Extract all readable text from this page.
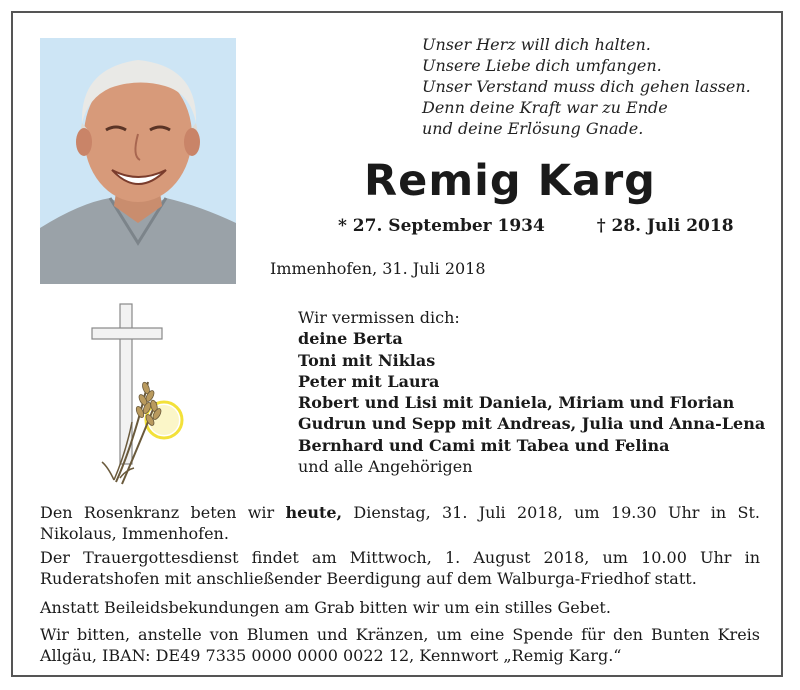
Unser Herz will dich halten.
Unsere Liebe dich umfangen.
Unser Verstand muss dich gehen lassen.
Denn deine Kraft war zu Ende
und deine Erlösung Gnade.
Remig Karg
* 27. September 1934	† 28. Juli 2018
Immenhofen, 31. Juli 2018
Wir vermissen dich:
deine Berta
Toni mit Niklas
Peter mit Laura
Robert und Lisi mit Daniela, Miriam und Florian
Gudrun und Sepp mit Andreas, Julia und Anna-Lena
Bernhard und Cami mit Tabea und Felina
und alle Angehörigen
Den Rosenkranz beten wir heute, Dienstag, 31. Juli 2018, um 19.30 Uhr in St. Nikolaus, Immenhofen.
Der Trauergottesdienst findet am Mittwoch, 1. August 2018, um 10.00 Uhr in Ruderatshofen mit anschließender Beerdigung auf dem Walburga-Friedhof statt.
Anstatt Beileidsbekundungen am Grab bitten wir um ein stilles Gebet.
Wir bitten, anstelle von Blumen und Kränzen, um eine Spende für den Bunten Kreis Allgäu, IBAN: DE49 7335 0000 0000 0022 12, Kennwort „Remig Karg.“
